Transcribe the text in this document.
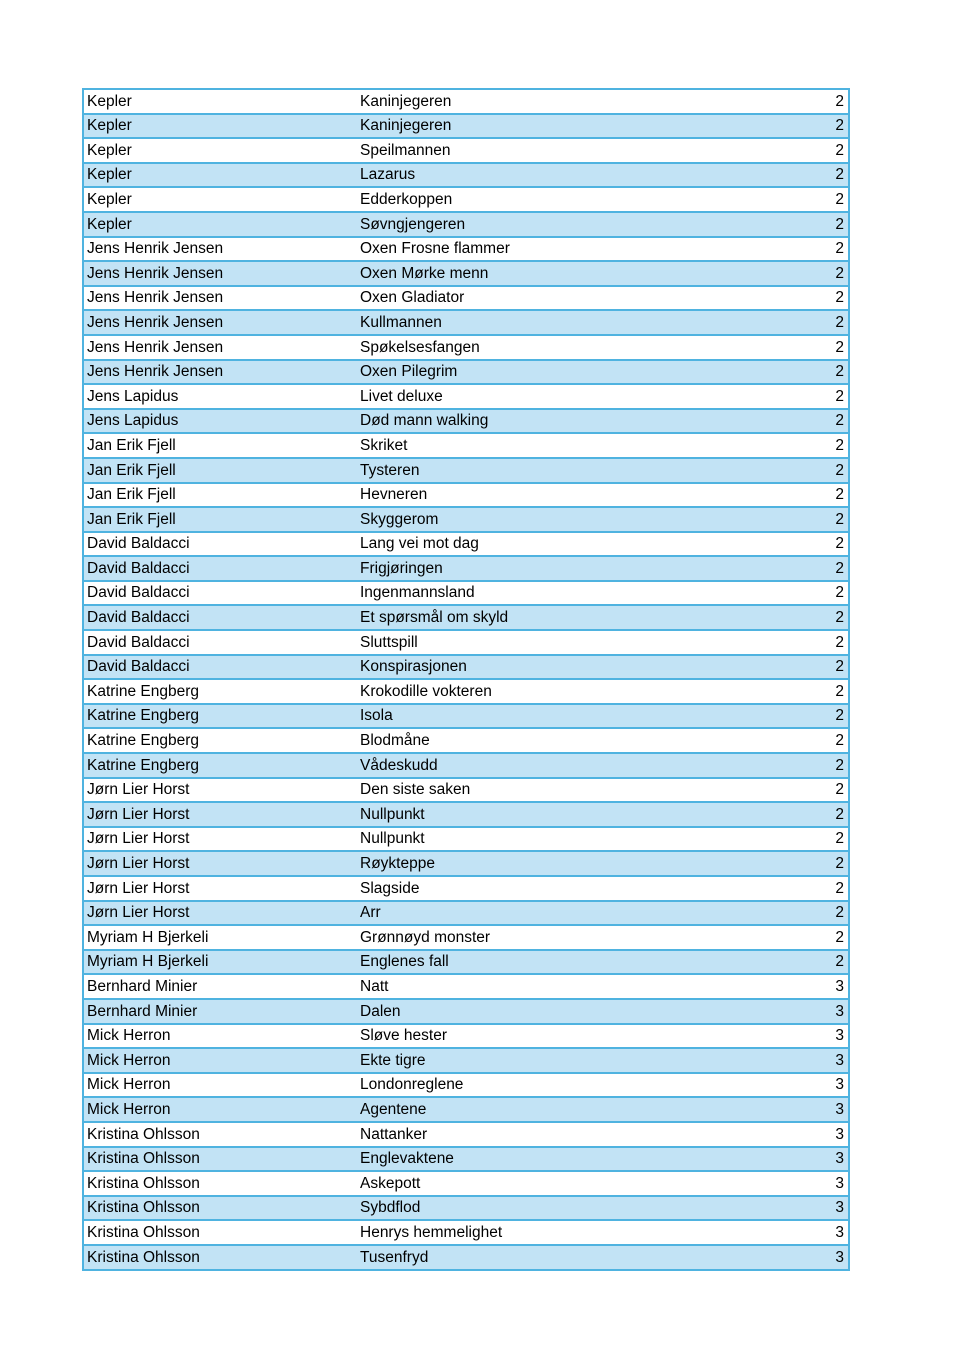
Kepler	Kaninjegeren	2
Kepler	Kaninjegeren	2
Kepler	Speilmannen	2
Kepler	Lazarus	2
Kepler	Edderkoppen	2
Kepler	Søvngjengeren	2
Jens Henrik Jensen	Oxen Frosne flammer	2
Jens Henrik Jensen	Oxen Mørke menn	2
Jens Henrik Jensen	Oxen Gladiator	2
Jens Henrik Jensen	Kullmannen	2
Jens Henrik Jensen	Spøkelsesfangen	2
Jens Henrik Jensen	Oxen Pilegrim	2
Jens Lapidus	Livet deluxe	2
Jens Lapidus	Død mann walking	2
Jan Erik Fjell	Skriket	2
Jan Erik Fjell	Tysteren	2
Jan Erik Fjell	Hevneren	2
Jan Erik Fjell	Skyggerom	2
David Baldacci	Lang vei mot dag	2
David Baldacci	Frigjøringen	2
David Baldacci	Ingenmannsland	2
David Baldacci	Et spørsmål om skyld	2
David Baldacci	Sluttspill	2
David Baldacci	Konspirasjonen	2
Katrine Engberg	Krokodille vokteren	2
Katrine Engberg	Isola	2
Katrine Engberg	Blodmåne	2
Katrine Engberg	Vådeskudd	2
Jørn Lier Horst	Den siste saken	2
Jørn Lier Horst	Nullpunkt	2
Jørn Lier Horst	Nullpunkt	2
Jørn Lier Horst	Røykteppe	2
Jørn Lier Horst	Slagside	2
Jørn Lier Horst	Arr	2
Myriam H Bjerkeli	Grønnøyd monster	2
Myriam H Bjerkeli	Englenes fall	2
Bernhard Minier	Natt	3
Bernhard Minier	Dalen	3
Mick Herron	Sløve hester	3
Mick Herron	Ekte tigre	3
Mick Herron	Londonreglene	3
Mick Herron	Agentene	3
Kristina Ohlsson	Nattanker	3
Kristina Ohlsson	Englevaktene	3
Kristina Ohlsson	Askepott	3
Kristina Ohlsson	Sybdflod	3
Kristina Ohlsson	Henrys hemmelighet	3
Kristina Ohlsson	Tusenfryd	3
